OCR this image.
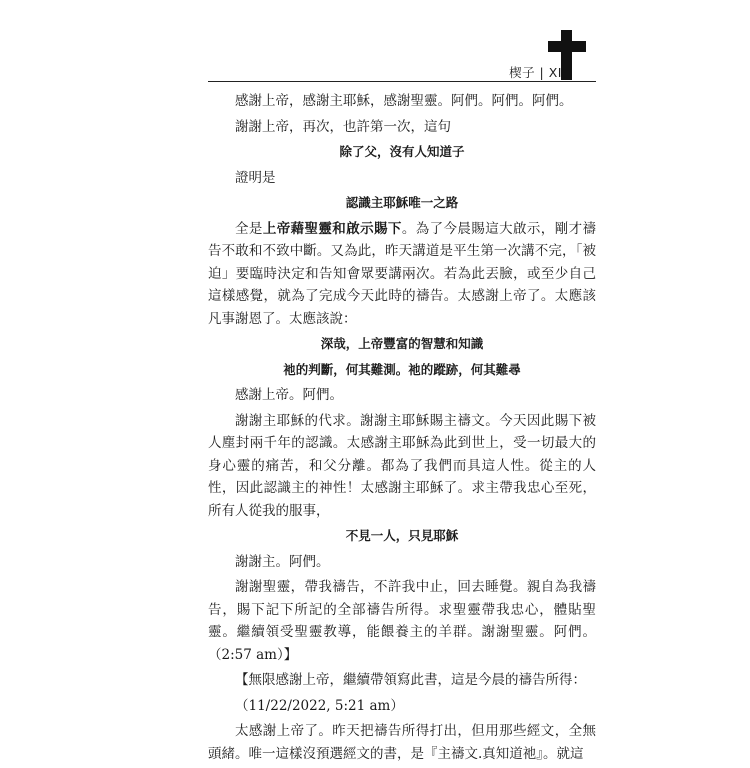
楔子 | XI

感謝上帝，感謝主耶穌，感謝聖靈。阿們。阿們。阿們。

謝謝上帝，再次，也許第一次，這句

除了父，沒有人知道子

證明是

認識主耶穌唯一之路

全是上帝藉聖靈和啟示賜下。為了今晨賜這大啟示，剛才禱告不敢和不致中斷。又為此，昨天講道是平生第一次講不完，「被迫」要臨時決定和告知會眾要講兩次。若為此丟臉，或至少自己這樣感覺，就為了完成今天此時的禱告。太感謝上帝了。太應該凡事謝恩了。太應該說：

深哉，上帝豐富的智慧和知識

祂的判斷，何其難測。祂的蹤跡，何其難尋

感謝上帝。阿們。

謝謝主耶穌的代求。謝謝主耶穌賜主禱文。今天因此賜下被人塵封兩千年的認識。太感謝主耶穌為此到世上，受一切最大的身心靈的痛苦，和父分離。都為了我們而具這人性。從主的人性，因此認識主的神性！太感謝主耶穌了。求主帶我忠心至死，所有人從我的服事，

不見一人，只見耶穌

謝謝主。阿們。

謝謝聖靈，帶我禱告，不許我中止，回去睡覺。親自為我禱告，賜下記下所記的全部禱告所得。求聖靈帶我忠心，體貼聖靈。繼續領受聖靈教導，能餵養主的羊群。謝謝聖靈。阿們。（2:57 am）】

【無限感謝上帝，繼續帶領寫此書，這是今晨的禱告所得：

（11/22/2022, 5:21 am）

太感謝上帝了。昨天把禱告所得打出，但用那些經文，全無頭緒。唯一這樣沒預選經文的書，是『主禱文.真知道祂』。就這
